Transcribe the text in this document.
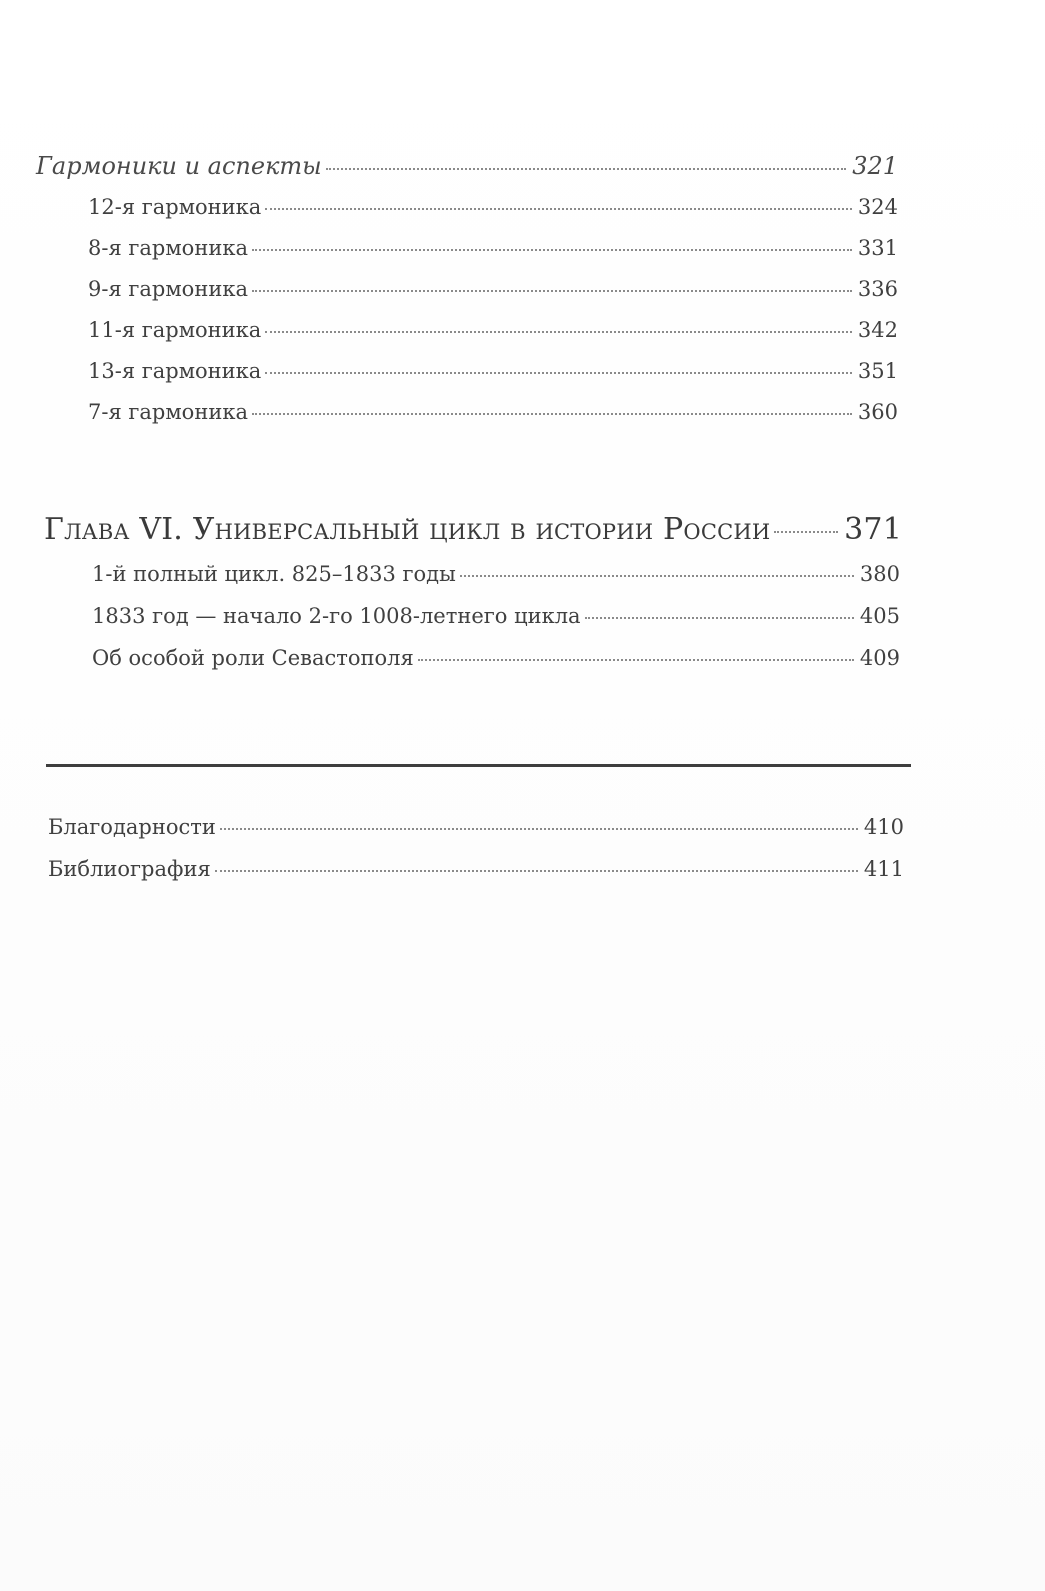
Гармоники и аспекты	321
12-я гармоника	324
8-я гармоника	331
9-я гармоника	336
11-я гармоника	342
13-я гармоника	351
7-я гармоника	360
Глава VI. Универсальный цикл в истории России 371
1-й полный цикл. 825–1833 годы	380
1833 год — начало 2-го 1008-летнего цикла	405
Об особой роли Севастополя	409
Благодарности	410
Библиография	411
